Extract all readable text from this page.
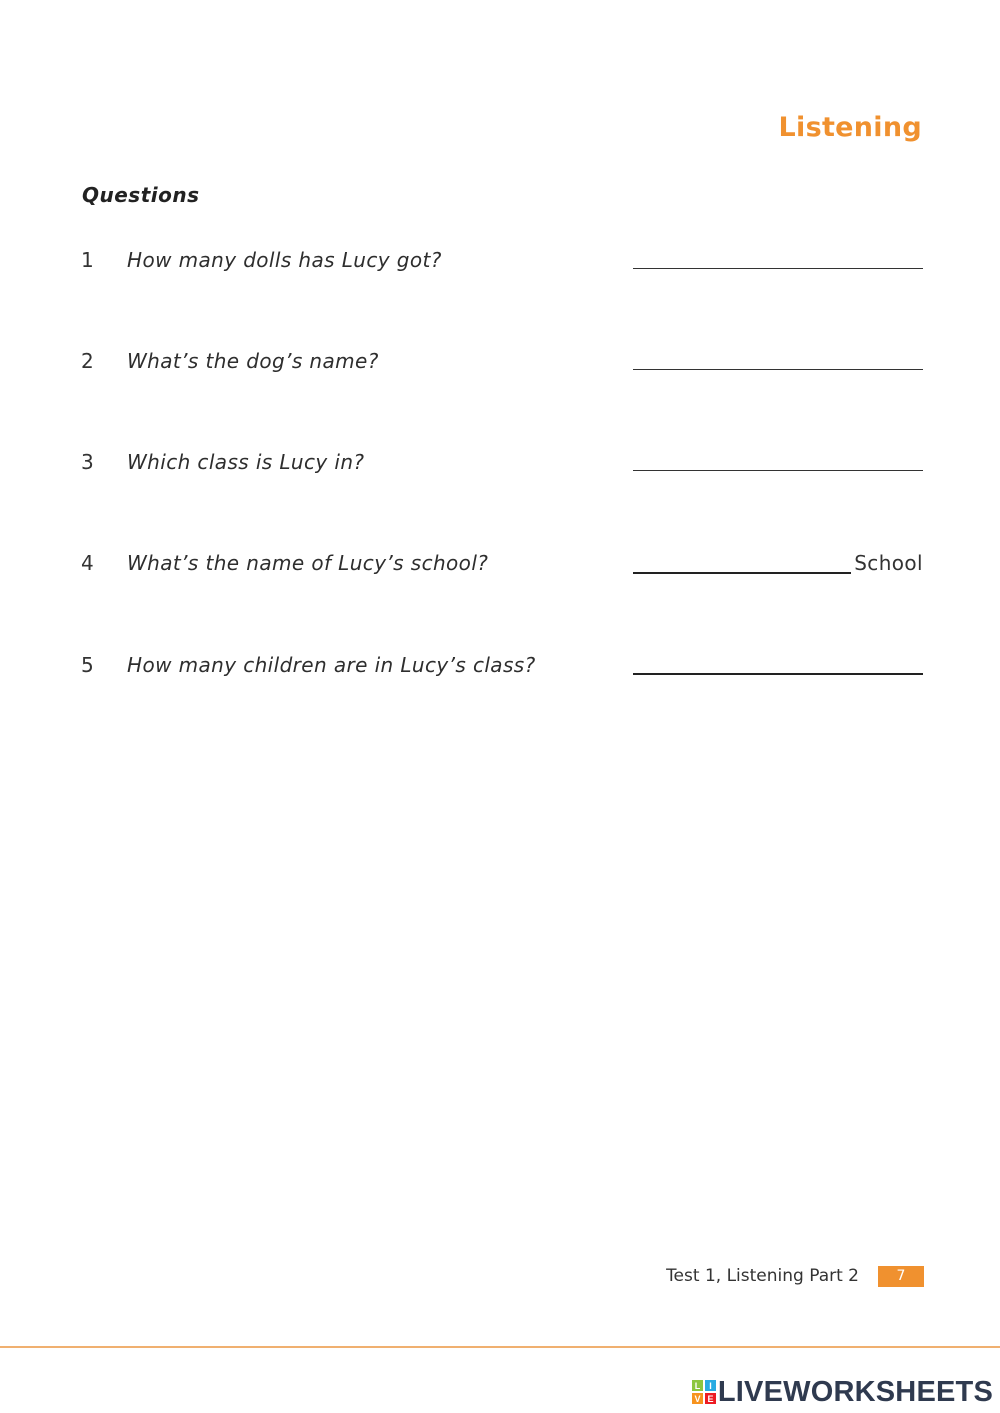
Listening
Questions
1 How many dolls has Lucy got?
2 What’s the dog’s name?
3 Which class is Lucy in?
4 What’s the name of Lucy’s school?	School
5 How many children are in Lucy’s class?
Test 1, Listening Part 2	7
L I
V E LIVEWORKSHEETS
